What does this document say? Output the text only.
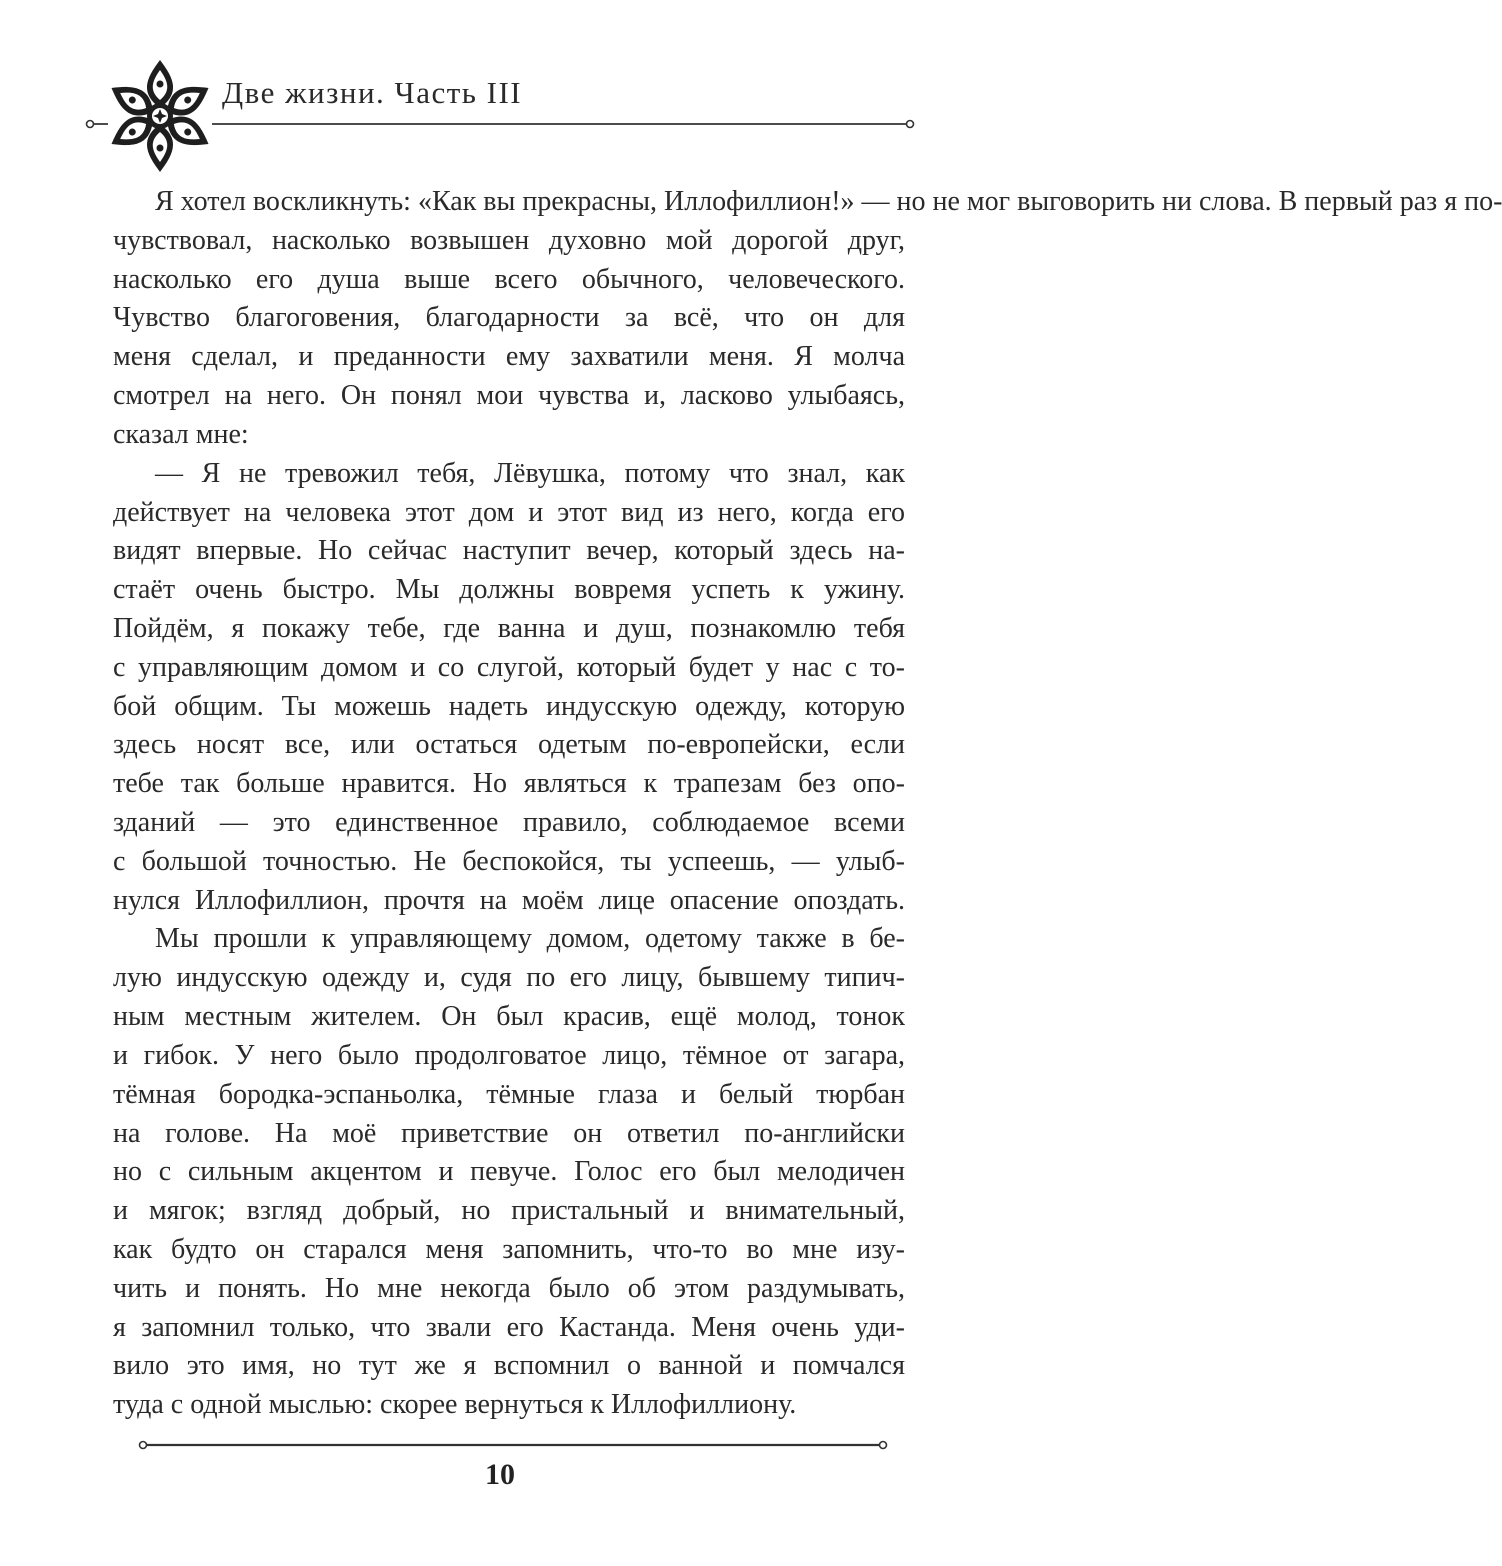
Две жизни. Часть III
Я хотел воскликнуть: «Как вы прекрасны, Иллофиллион!» — но не мог выговорить ни слова. В первый раз я по-
чувствовал, насколько возвышен духовно мой дорогой друг,
насколько его душа выше всего обычного, человеческого.
Чувство благоговения, благодарности за всё, что он для
меня сделал, и преданности ему захватили меня. Я молча
смотрел на него. Он понял мои чувства и, ласково улыбаясь,
сказал мне:
— Я не тревожил тебя, Лёвушка, потому что знал, как
действует на человека этот дом и этот вид из него, когда его
видят впервые. Но сейчас наступит вечер, который здесь на-
стаёт очень быстро. Мы должны вовремя успеть к ужину.
Пойдём, я покажу тебе, где ванна и душ, познакомлю тебя
с управляющим домом и со слугой, который будет у нас с то-
бой общим. Ты можешь надеть индусскую одежду, которую
здесь носят все, или остаться одетым по-европейски, если
тебе так больше нравится. Но являться к трапезам без опо-
зданий — это единственное правило, соблюдаемое всеми
с большой точностью. Не беспокойся, ты успеешь, — улыб-
нулся Иллофиллион, прочтя на моём лице опасение опоздать.
Мы прошли к управляющему домом, одетому также в бе-
лую индусскую одежду и, судя по его лицу, бывшему типич-
ным местным жителем. Он был красив, ещё молод, тонок
и гибок. У него было продолговатое лицо, тёмное от загара,
тёмная бородка-эспаньолка, тёмные глаза и белый тюрбан
на голове. На моё приветствие он ответил по-английски
но с сильным акцентом и певуче. Голос его был мелодичен
и мягок; взгляд добрый, но пристальный и внимательный,
как будто он старался меня запомнить, что-то во мне изу-
чить и понять. Но мне некогда было об этом раздумывать,
я запомнил только, что звали его Кастанда. Меня очень уди-
вило это имя, но тут же я вспомнил о ванной и помчался
туда с одной мыслью: скорее вернуться к Иллофиллиону.
10
